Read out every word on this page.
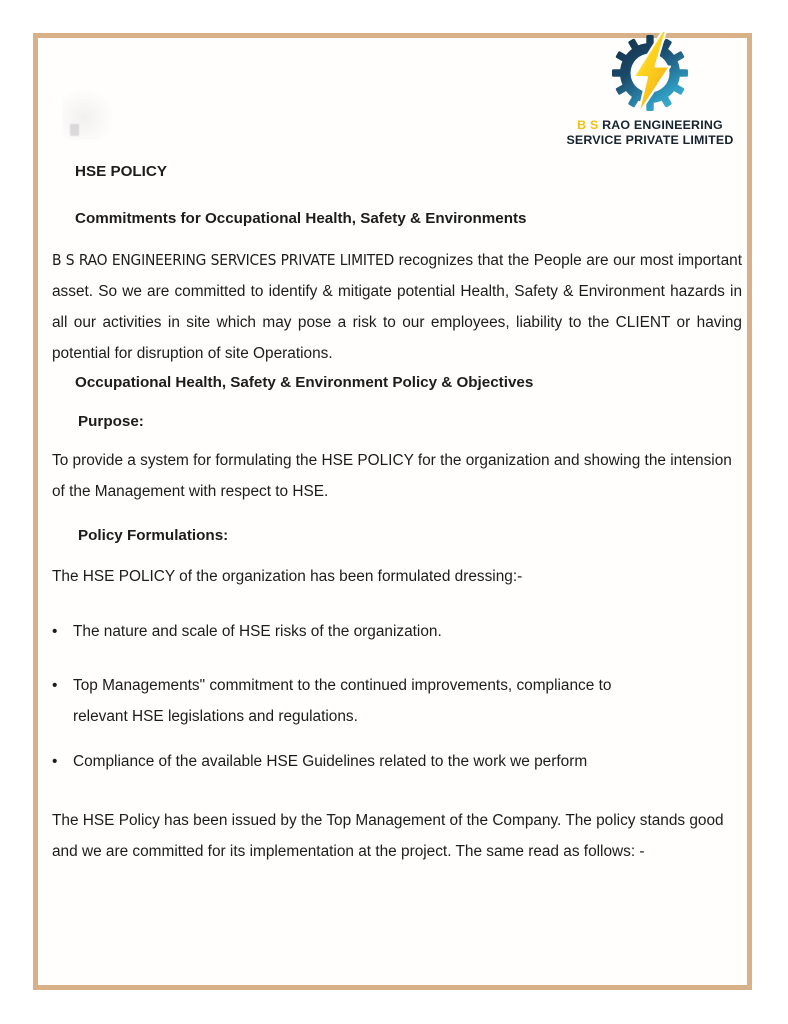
B S RAO ENGINEERING
SERVICE PRIVATE LIMITED
HSE POLICY
Commitments for Occupational Health, Safety & Environments
B S RAO ENGINEERING SERVICES PRIVATE LIMITED recognizes that the People are our most important asset. So we are committed to identify & mitigate potential Health, Safety & Environment hazards in all our activities in site which may pose a risk to our employees, liability to the CLIENT or having potential for disruption of site Operations.
Occupational Health, Safety & Environment Policy & Objectives
Purpose:
To provide a system for formulating the HSE POLICY for the organization and showing the intension of the Management with respect to HSE.
Policy Formulations:
The HSE POLICY of the organization has been formulated dressing:-
•	The nature and scale of HSE risks of the organization.
•	Top Managements" commitment to the continued improvements, compliance to relevant HSE legislations and regulations.
•	Compliance of the available HSE Guidelines related to the work we perform
The HSE Policy has been issued by the Top Management of the Company. The policy stands good and we are committed for its implementation at the project. The same read as follows: -
